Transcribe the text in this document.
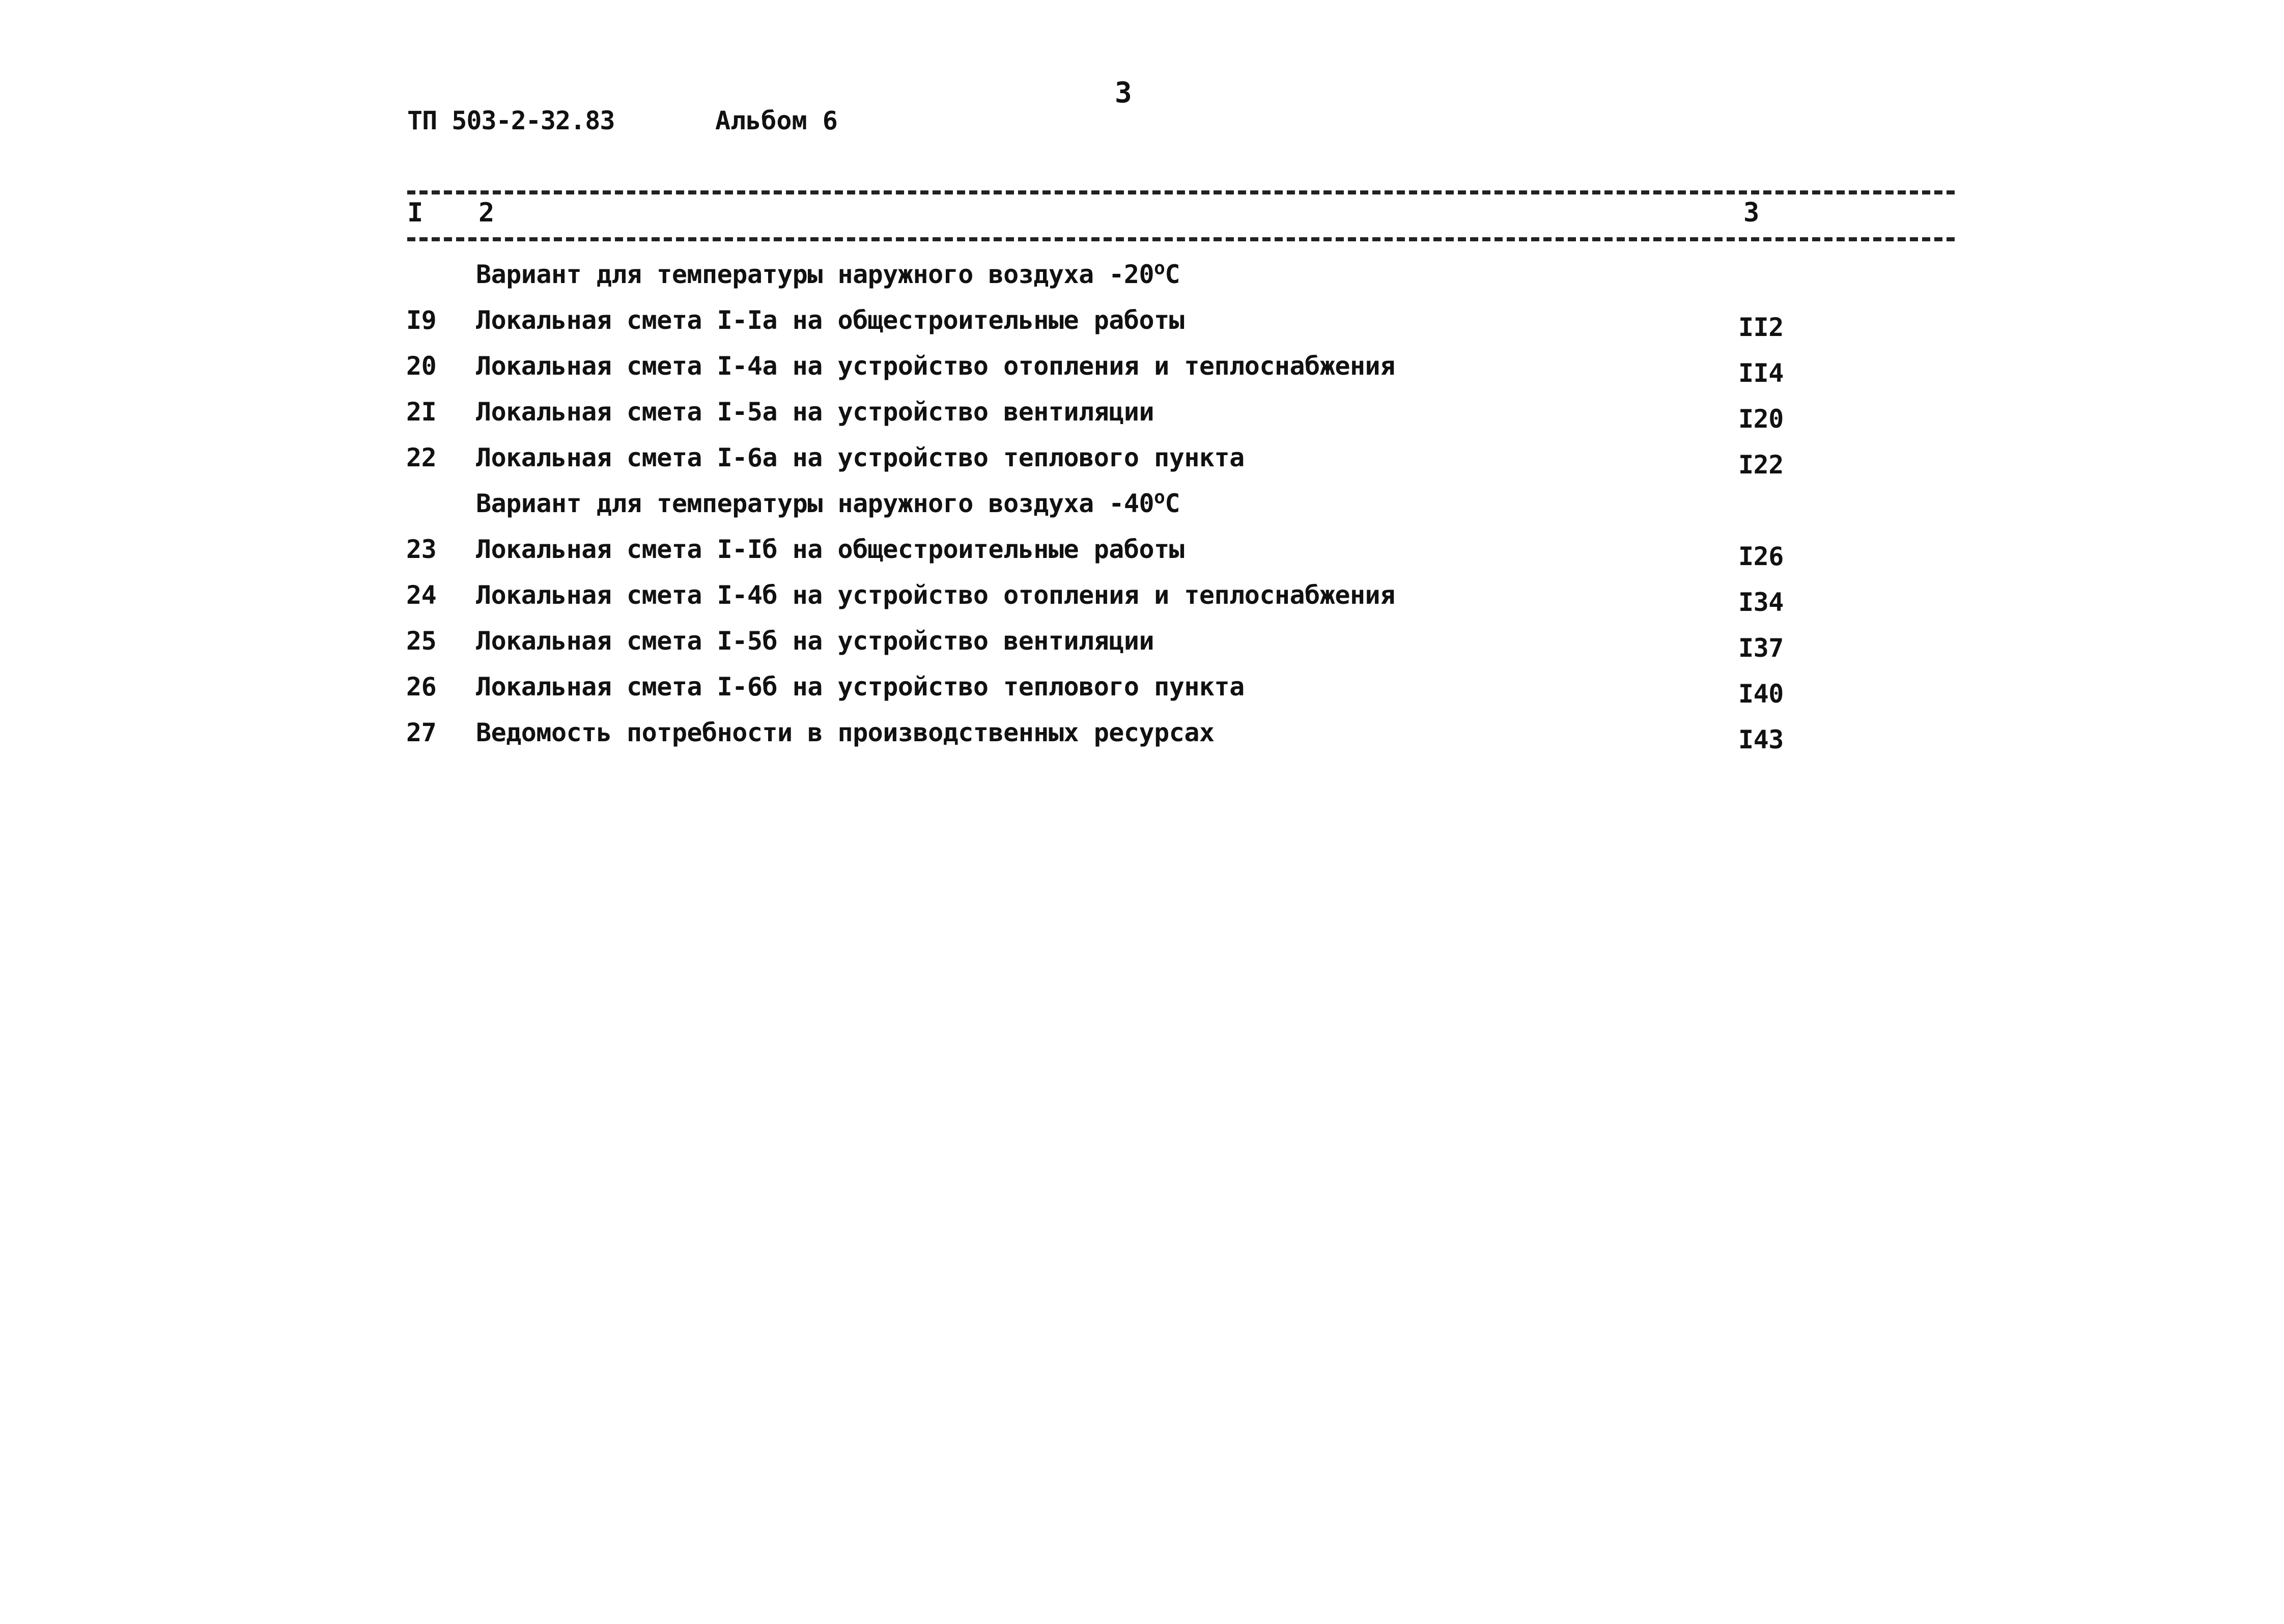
3
ТП 503-2-32.83	Альбом 6
I 2	3
Вариант для температуры наружного воздуха $-20^оС$
I9 Локальная смета I-Iа на общестроительные работы	II2
20 Локальная смета I-4а на устройство отопления и теплоснабжения	II4
2I Локальная смета I-5а на устройство вентиляции	I20
22 Локальная смета I-6а на устройство теплового пункта	I22
Вариант для температуры наружного воздуха $-40^оС$
23 Локальная смета I-Iб на общестроительные работы	I26
24 Локальная смета I-4б на устройство отопления и теплоснабжения	I34
25 Локальная смета I-5б на устройство вентиляции	I37
26 Локальная смета I-6б на устройство теплового пункта	I40
27 Ведомость потребности в производственных ресурсах	I43
